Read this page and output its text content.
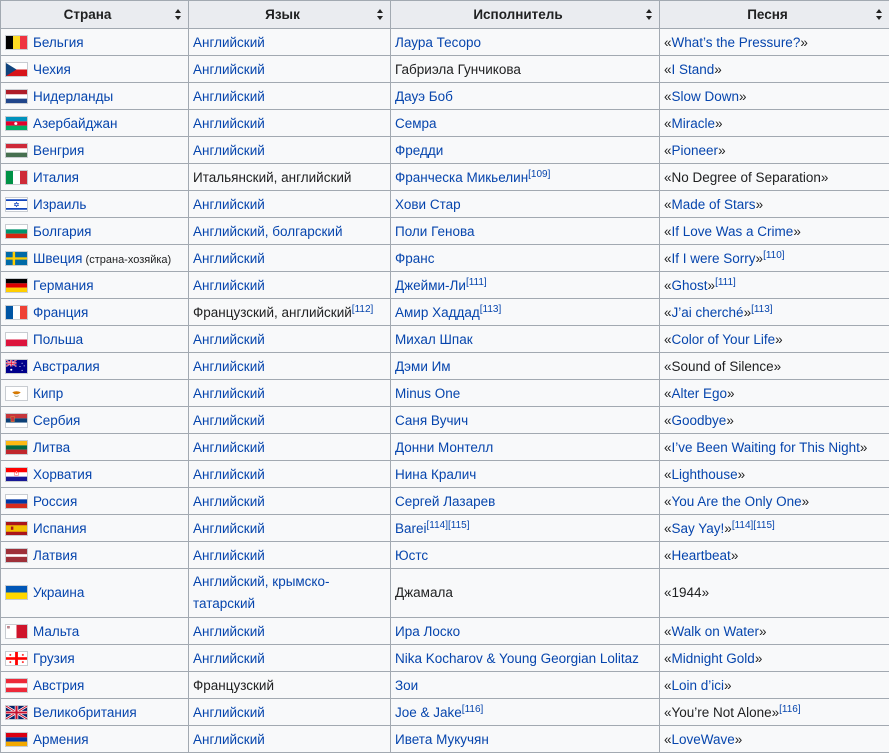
Страна	Язык	Исполнитель	Песня

Бельгия	Английский	Лаура Тесоро	«What’s the Pressure?»

Чехия	Английский	Габриэла Гунчикова	«I Stand»

Нидерланды	Английский	Дауэ Боб	«Slow Down»

Азербайджан	Английский	Семра	«Miracle»

Венгрия	Английский	Фредди	«Pioneer»

Италия	Итальянский, английский	Франческа Микьелин[109]	«No Degree of Separation»

Израиль	Английский	Хови Стар	«Made of Stars»

Болгария	Английский, болгарский	Поли Генова	«If Love Was a Crime»

Швеция (страна-хозяйка)	Английский	Франс	«If I were Sorry»[110]

Германия	Английский	Джейми-Ли[111]	«Ghost»[111]

Франция	Французский, английский[112]	Амир Хаддад[113]	«J’ai cherché»[113]

Польша	Английский	Михал Шпак	«Color of Your Life»

Австралия	Английский	Дэми Им	«Sound of Silence»

Кипр	Английский	Minus One	«Alter Ego»

Сербия	Английский	Саня Вучич	«Goodbye»

Литва	Английский	Донни Монтелл	«I’ve Been Waiting for This Night»

Хорватия	Английский	Нина Кралич	«Lighthouse»

Россия	Английский	Сергей Лазарев	«You Are the Only One»

Испания	Английский	Barei[114][115]	«Say Yay!»[114][115]

Латвия	Английский	Юстс	«Heartbeat»

Украина	Английский, крымско-татарский	Джамала	«1944»

Мальта	Английский	Ира Лоско	«Walk on Water»

Грузия	Английский	Nika Kocharov & Young Georgian Lolitaz	«Midnight Gold»

Австрия	Французский	Зои	«Loin d’ici»

Великобритания	Английский	Joe & Jake[116]	«You’re Not Alone»[116]

Армения	Английский	Ивета Мукучян	«LoveWave»
